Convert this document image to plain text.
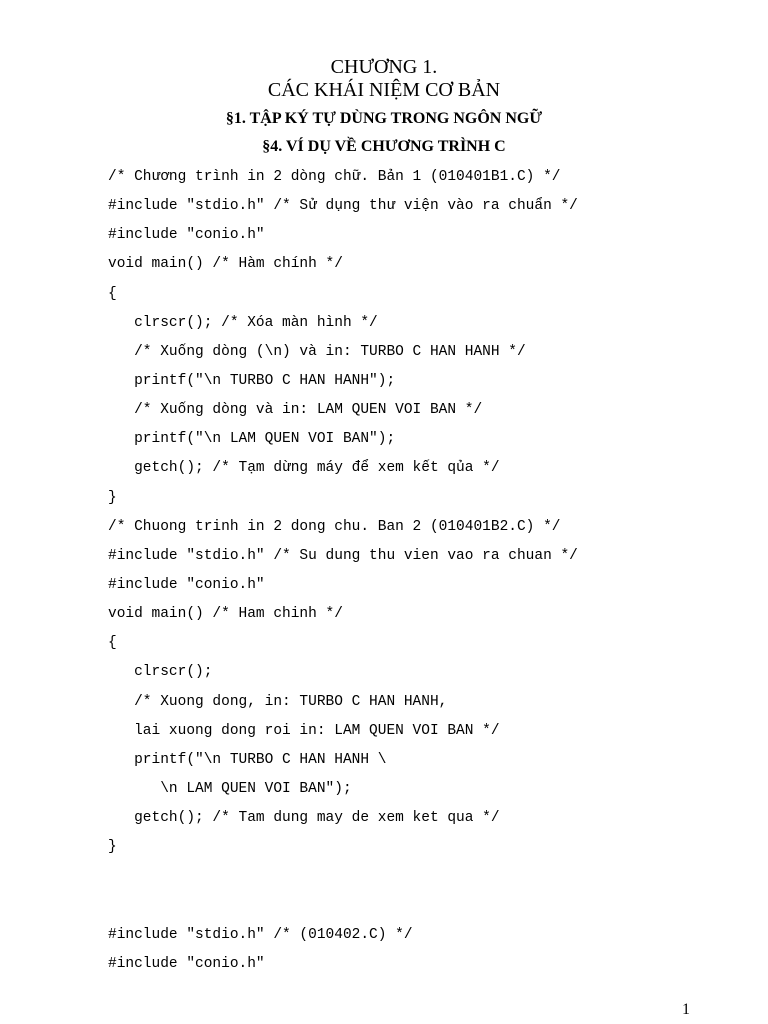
CHƯƠNG 1.
CÁC KHÁI NIỆM CƠ BẢN
§1. TẬP KÝ TỰ DÙNG TRONG NGÔN NGỮ
§4. VÍ DỤ VỀ CHƯƠNG TRÌNH C
/* Chương trình in 2 dòng chữ. Bản 1 (010401B1.C) */
#include "stdio.h" /* Sử dụng thư viện vào ra chuẩn */
#include "conio.h"
void main() /* Hàm chính */
{
clrscr(); /* Xóa màn hình */
/* Xuống dòng (\n) và in: TURBO C HAN HANH */
printf("\n TURBO C HAN HANH");
/* Xuống dòng và in: LAM QUEN VOI BAN */
printf("\n LAM QUEN VOI BAN");
getch(); /* Tạm dừng máy để xem kết qủa */
}
/* Chuong trinh in 2 dong chu. Ban 2 (010401B2.C) */
#include "stdio.h" /* Su dung thu vien vao ra chuan */
#include "conio.h"
void main() /* Ham chinh */
{
clrscr();
/* Xuong dong, in: TURBO C HAN HANH,
lai xuong dong roi in: LAM QUEN VOI BAN */
printf("\n TURBO C HAN HANH \
\n LAM QUEN VOI BAN");
getch(); /* Tam dung may de xem ket qua */
}
#include "stdio.h" /* (010402.C) */
#include "conio.h"
1
